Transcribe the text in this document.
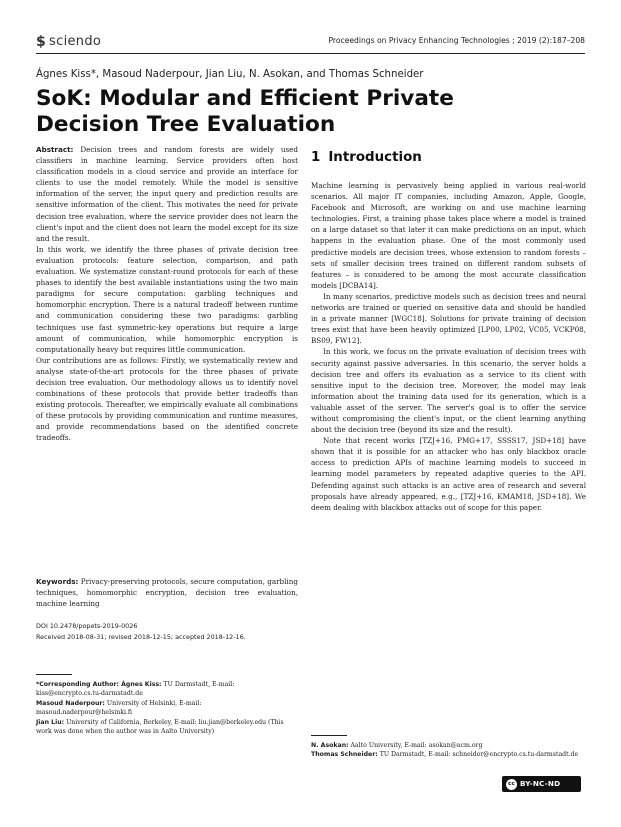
$ sciendo	Proceedings on Privacy Enhancing Technologies ; 2019 (2):187–208
Ágnes Kiss*, Masoud Naderpour, Jian Liu, N. Asokan, and Thomas Schneider
SoK: Modular and Efficient Private Decision Tree Evaluation

Abstract: Decision trees and random forests are widely used classifiers in machine learning. Service providers often host classification models in a cloud service and provide an interface for clients to use the model remotely. While the model is sensitive information of the server, the input query and prediction results are sensitive information of the client. This motivates the need for private decision tree evaluation, where the service provider does not learn the client's input and the client does not learn the model except for its size and the result.

In this work, we identify the three phases of private decision tree evaluation protocols: feature selection, comparison, and path evaluation. We systematize constant-round protocols for each of these phases to identify the best available instantiations using the two main paradigms for secure computation: garbling techniques and homomorphic encryption. There is a natural tradeoff between runtime and communication considering these two paradigms: garbling techniques use fast symmetric-key operations but require a large amount of communication, while homomorphic encryption is computationally heavy but requires little communication.

Our contributions are as follows: Firstly, we systematically review and analyse state-of-the-art protocols for the three phases of private decision tree evaluation. Our methodology allows us to identify novel combinations of these protocols that provide better tradeoffs than existing protocols. Thereafter, we empirically evaluate all combinations of these protocols by providing communication and runtime measures, and provide recommendations based on the identified concrete tradeoffs.

Keywords: Privacy-preserving protocols, secure computation, garbling techniques, homomorphic encryption, decision tree evaluation, machine learning
DOI 10.2478/popets-2019-0026
Received 2018-08-31; revised 2018-12-15; accepted 2018-12-16.

*Corresponding Author: Ágnes Kiss: TU Darmstadt, E-mail: kiss@encrypto.cs.tu-darmstadt.de

Masoud Naderpour: University of Helsinki, E-mail: masoud.naderpour@helsinki.fi

Jian Liu: University of California, Berkeley, E-mail: liu.jian@berkeley.edu (This work was done when the author was in Aalto University)

1 Introduction

Machine learning is pervasively being applied in various real-world scenarios. All major IT companies, including Amazon, Apple, Google, Facebook and Microsoft, are working on and use machine learning technologies. First, a training phase takes place where a model is trained on a large dataset so that later it can make predictions on an input, which happens in the evaluation phase. One of the most commonly used predictive models are decision trees, whose extension to random forests – sets of smaller decision trees trained on different random subsets of features – is considered to be among the most accurate classification models [DCBA14].

In many scenarios, predictive models such as decision trees and neural networks are trained or queried on sensitive data and should be handled in a private manner [WGC18]. Solutions for private training of decision trees exist that have been heavily optimized [LP00, LP02, VC05, VCKP08, BS09, FW12].

In this work, we focus on the private evaluation of decision trees with security against passive adversaries. In this scenario, the server holds a decision tree and offers its evaluation as a service to its client with sensitive input to the decision tree. Moreover, the model may leak information about the training data used for its generation, which is a valuable asset of the server. The server's goal is to offer the service without compromising the client's input, or the client learning anything about the decision tree (beyond its size and the result).

Note that recent works [TZJ+16, PMG+17, SSSS17, JSD+18] have shown that it is possible for an attacker who has only blackbox oracle access to prediction APIs of machine learning models to succeed in learning model parameters by repeated adaptive queries to the API. Defending against such attacks is an active area of research and several proposals have already appeared, e.g., [TZJ+16, KMAM18, JSD+18]. We deem dealing with blackbox attacks out of scope for this paper.

N. Asokan: Aalto University, E-mail: asokan@acm.org

Thomas Schneider: TU Darmstadt, E-mail: schneider@encrypto.cs.tu-darmstadt.de

cc BY-NC-ND
